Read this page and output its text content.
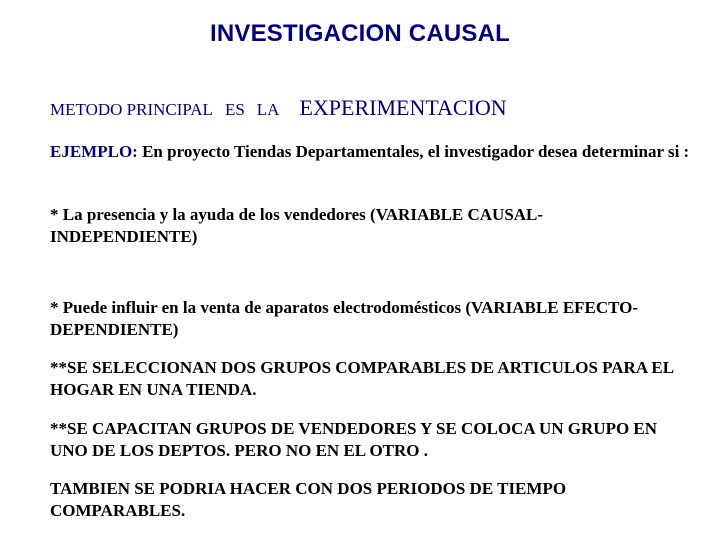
INVESTIGACION CAUSAL
METODO PRINCIPAL ES LA EXPERIMENTACION
EJEMPLO: En proyecto Tiendas Departamentales, el investigador desea determinar si :
* La presencia y la ayuda de los vendedores (VARIABLE CAUSAL-INDEPENDIENTE)
* Puede influir en la venta de aparatos electrodomésticos (VARIABLE EFECTO- DEPENDIENTE)
**SE SELECCIONAN DOS GRUPOS COMPARABLES DE ARTICULOS PARA EL HOGAR EN UNA TIENDA.
**SE CAPACITAN GRUPOS DE VENDEDORES Y SE COLOCA UN GRUPO EN UNO DE LOS DEPTOS. PERO NO EN EL OTRO .
TAMBIEN SE PODRIA HACER CON DOS PERIODOS DE TIEMPO COMPARABLES.
